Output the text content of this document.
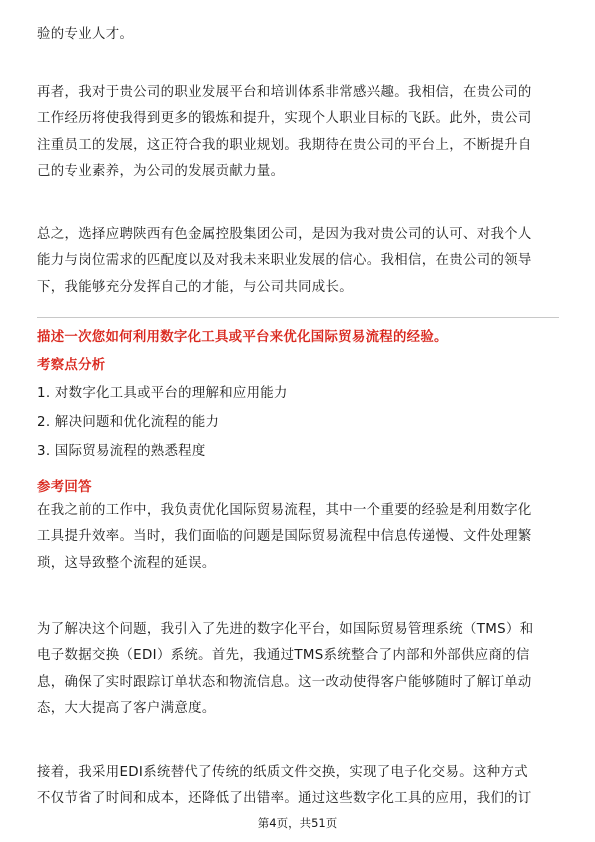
验的专业人才。

再者，我对于贵公司的职业发展平台和培训体系非常感兴趣。我相信，在贵公司的
工作经历将使我得到更多的锻炼和提升，实现个人职业目标的飞跃。此外，贵公司
注重员工的发展，这正符合我的职业规划。我期待在贵公司的平台上，不断提升自
己的专业素养，为公司的发展贡献力量。

总之，选择应聘陕西有色金属控股集团公司，是因为我对贵公司的认可、对我个人
能力与岗位需求的匹配度以及对我未来职业发展的信心。我相信，在贵公司的领导
下，我能够充分发挥自己的才能，与公司共同成长。

描述一次您如何利用数字化工具或平台来优化国际贸易流程的经验。
考察点分析
1. 对数字化工具或平台的理解和应用能力
2. 解决问题和优化流程的能力
3. 国际贸易流程的熟悉程度
参考回答

在我之前的工作中，我负责优化国际贸易流程，其中一个重要的经验是利用数字化
工具提升效率。当时，我们面临的问题是国际贸易流程中信息传递慢、文件处理繁
琐，这导致整个流程的延误。

为了解决这个问题，我引入了先进的数字化平台，如国际贸易管理系统（TMS）和
电子数据交换（EDI）系统。首先，我通过TMS系统整合了内部和外部供应商的信
息，确保了实时跟踪订单状态和物流信息。这一改动使得客户能够随时了解订单动
态，大大提高了客户满意度。

接着，我采用EDI系统替代了传统的纸质文件交换，实现了电子化交易。这种方式
不仅节省了时间和成本，还降低了出错率。通过这些数字化工具的应用，我们的订

第4页，共51页
